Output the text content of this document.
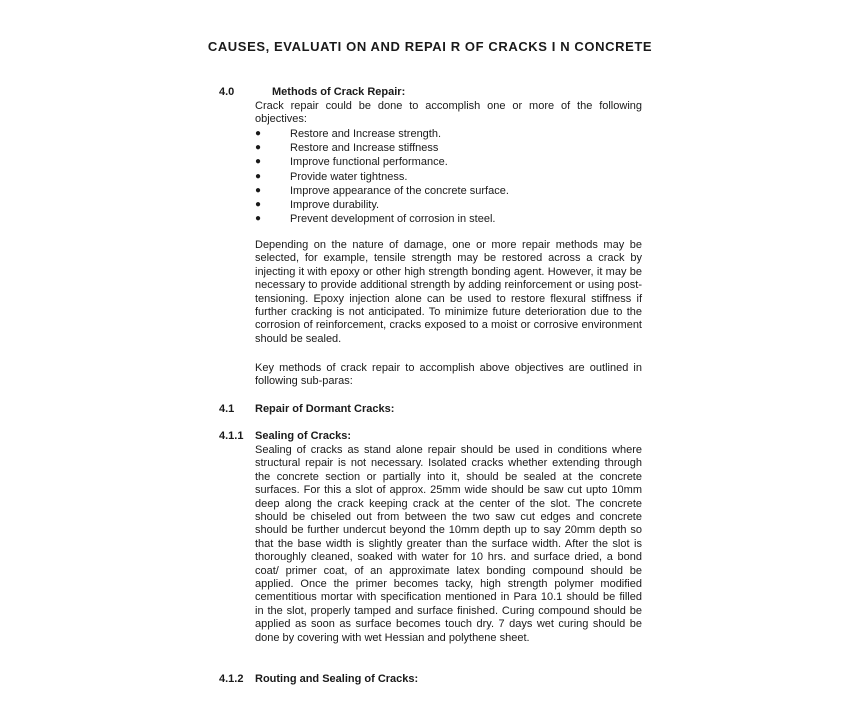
CAUSES, EVALUATI ON AND REPAI R OF CRACKS I N CONCRETE
4.0	Methods of Crack Repair:
Crack repair could be done to accomplish one or more of the following objectives:
●	Restore and Increase strength.
●	Restore and Increase stiffness
●	Improve functional performance.
●	Provide water tightness.
●	Improve appearance of the concrete surface.
●	Improve durability.
●	Prevent development of corrosion in steel.
Depending on the nature of damage, one or more repair methods may be selected, for example, tensile strength may be restored across a crack by injecting it with epoxy or other high strength bonding agent. However, it may be necessary to provide additional strength by adding reinforcement or using post-tensioning. Epoxy injection alone can be used to restore flexural stiffness if further cracking is not anticipated. To minimize future deterioration due to the corrosion of reinforcement, cracks exposed to a moist or corrosive environment should be sealed.
Key methods of crack repair to accomplish above objectives are outlined in following sub-paras:
4.1 Repair of Dormant Cracks:
4.1.1 Sealing of Cracks:
Sealing of cracks as stand alone repair should be used in conditions where structural repair is not necessary. Isolated cracks whether extending through the concrete section or partially into it, should be sealed at the concrete surfaces. For this a slot of approx. 25mm wide should be saw cut upto 10mm deep along the crack keeping crack at the center of the slot. The concrete should be chiseled out from between the two saw cut edges and concrete should be further undercut beyond the 10mm depth up to say 20mm depth so that the base width is slightly greater than the surface width. After the slot is thoroughly cleaned, soaked with water for 10 hrs. and surface dried, a bond coat/ primer coat, of an approximate latex bonding compound should be applied. Once the primer becomes tacky, high strength polymer modified cementitious mortar with specification mentioned in Para 10.1 should be filled in the slot, properly tamped and surface finished. Curing compound should be applied as soon as surface becomes touch dry. 7 days wet curing should be done by covering with wet Hessian and polythene sheet.
4.1.2 Routing and Sealing of Cracks:
